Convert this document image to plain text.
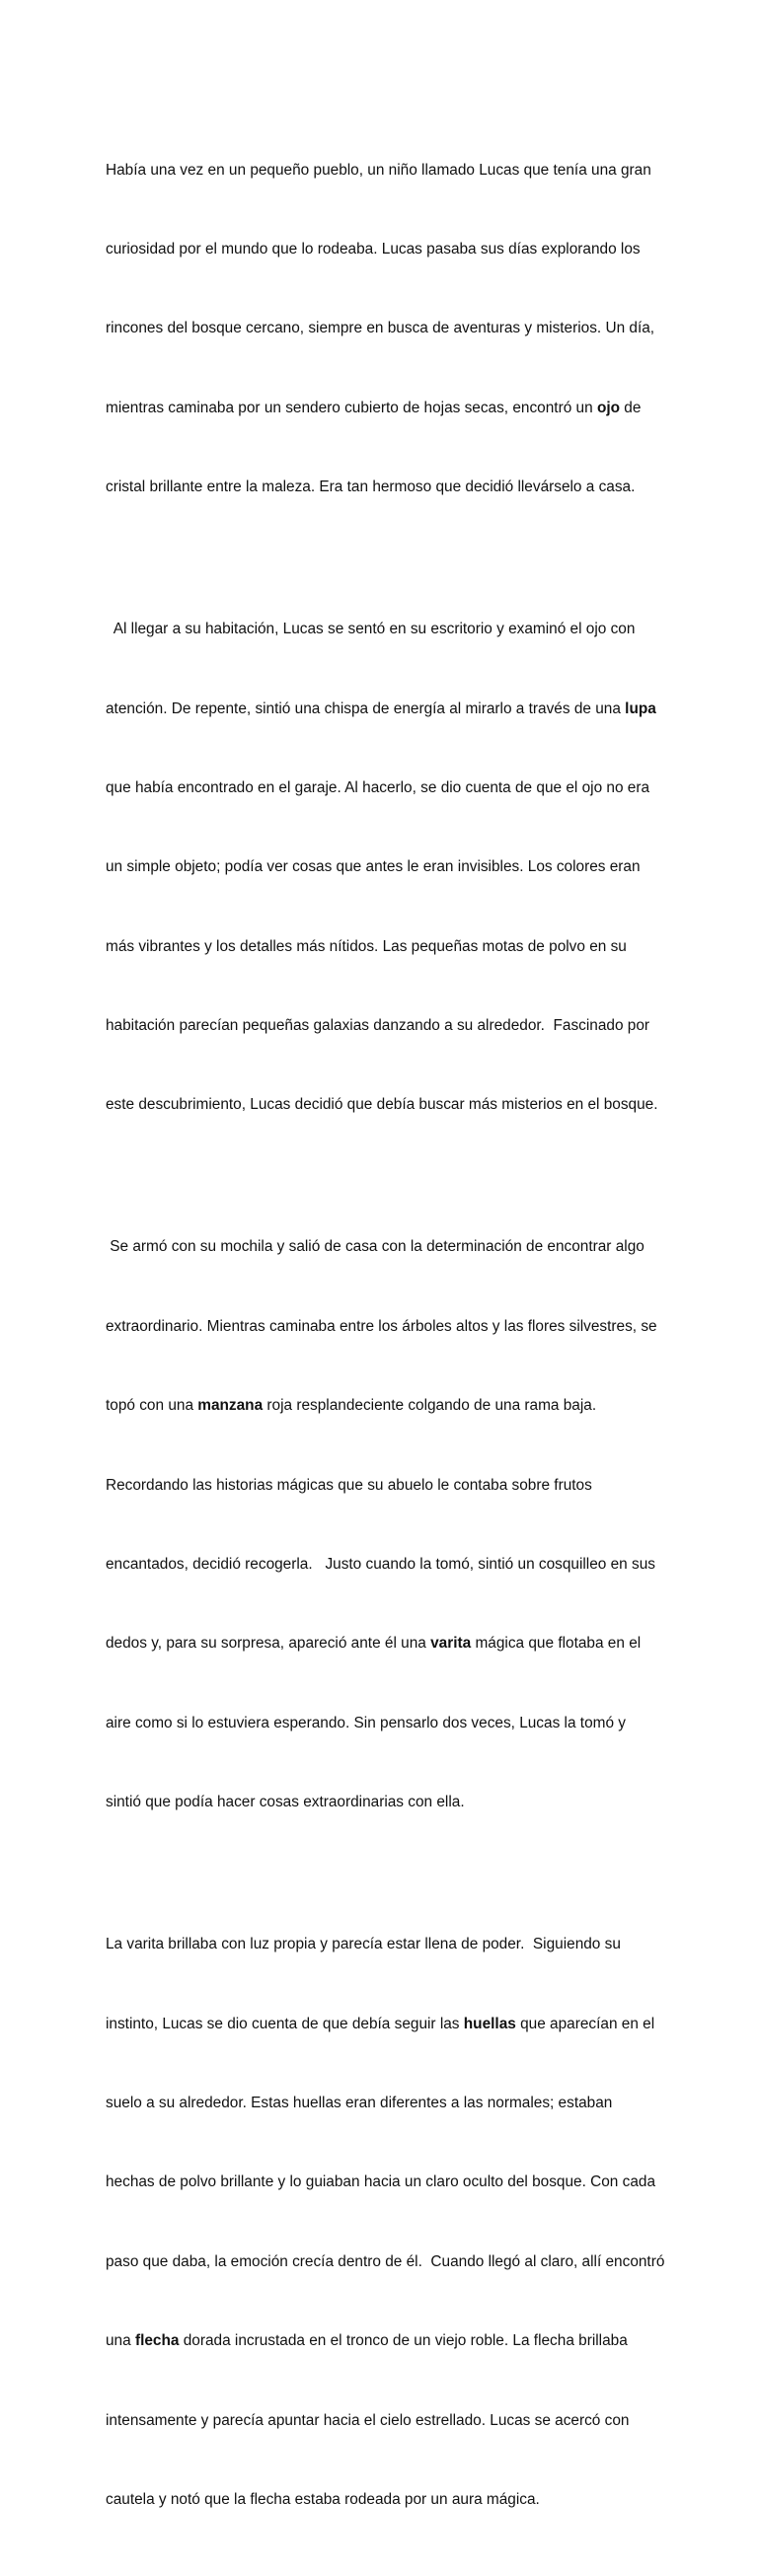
Había una vez en un pequeño pueblo, un niño llamado Lucas que tenía una gran

curiosidad por el mundo que lo rodeaba. Lucas pasaba sus días explorando los

rincones del bosque cercano, siempre en busca de aventuras y misterios. Un día,

mientras caminaba por un sendero cubierto de hojas secas, encontró un ojo de

cristal brillante entre la maleza. Era tan hermoso que decidió llevárselo a casa.

Al llegar a su habitación, Lucas se sentó en su escritorio y examinó el ojo con

atención. De repente, sintió una chispa de energía al mirarlo a través de una lupa

que había encontrado en el garaje. Al hacerlo, se dio cuenta de que el ojo no era

un simple objeto; podía ver cosas que antes le eran invisibles. Los colores eran

más vibrantes y los detalles más nítidos. Las pequeñas motas de polvo en su

habitación parecían pequeñas galaxias danzando a su alrededor.  Fascinado por

este descubrimiento, Lucas decidió que debía buscar más misterios en el bosque.

Se armó con su mochila y salió de casa con la determinación de encontrar algo

extraordinario. Mientras caminaba entre los árboles altos y las flores silvestres, se

topó con una manzana roja resplandeciente colgando de una rama baja.

Recordando las historias mágicas que su abuelo le contaba sobre frutos

encantados, decidió recogerla.   Justo cuando la tomó, sintió un cosquilleo en sus

dedos y, para su sorpresa, apareció ante él una varita mágica que flotaba en el

aire como si lo estuviera esperando. Sin pensarlo dos veces, Lucas la tomó y

sintió que podía hacer cosas extraordinarias con ella.

La varita brillaba con luz propia y parecía estar llena de poder.  Siguiendo su

instinto, Lucas se dio cuenta de que debía seguir las huellas que aparecían en el

suelo a su alrededor. Estas huellas eran diferentes a las normales; estaban

hechas de polvo brillante y lo guiaban hacia un claro oculto del bosque. Con cada

paso que daba, la emoción crecía dentro de él.  Cuando llegó al claro, allí encontró

una flecha dorada incrustada en el tronco de un viejo roble. La flecha brillaba

intensamente y parecía apuntar hacia el cielo estrellado. Lucas se acercó con

cautela y notó que la flecha estaba rodeada por un aura mágica.
